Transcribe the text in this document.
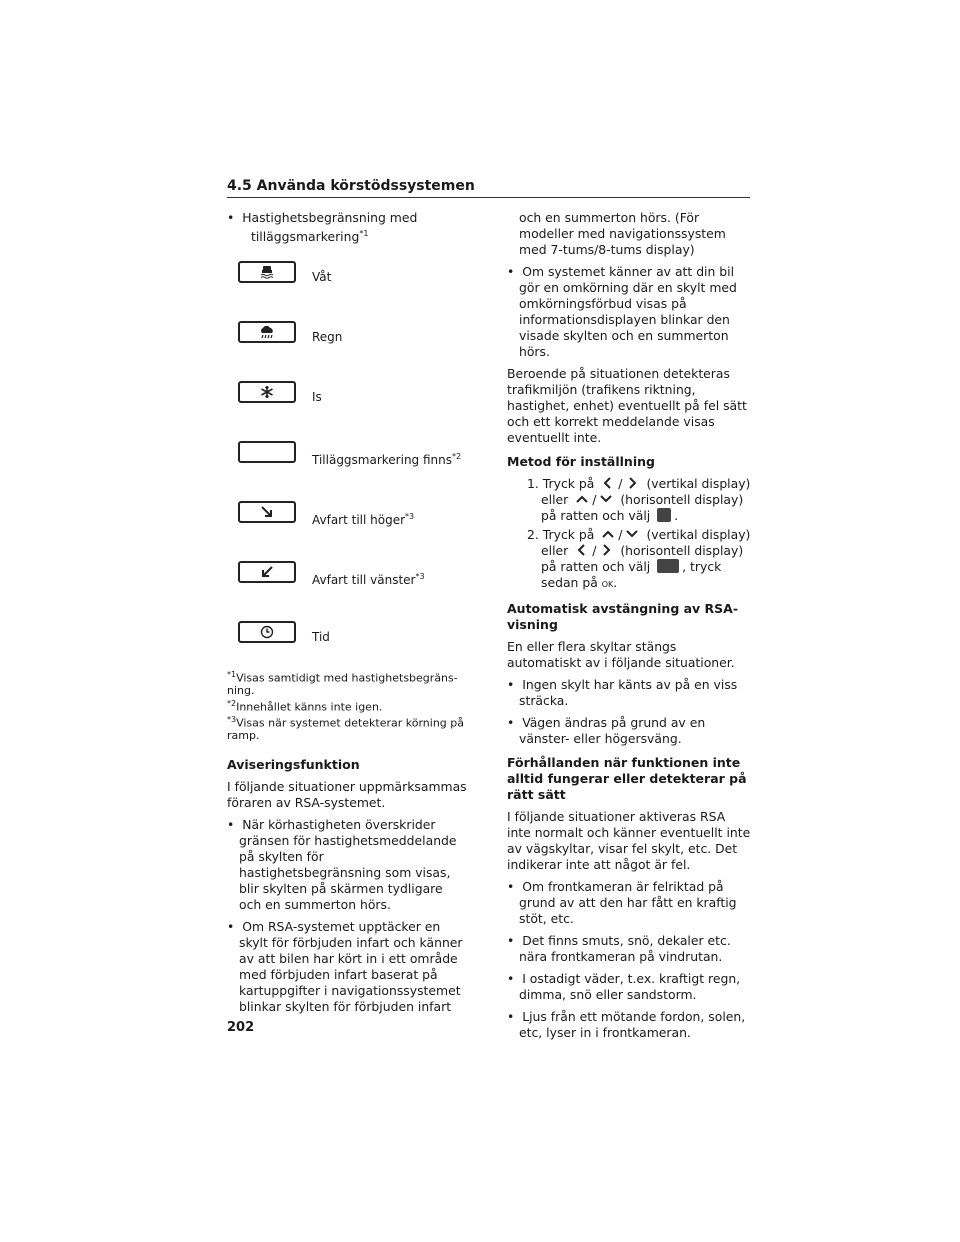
4.5 Använda körstödssystemen

•  Hastighetsbegränsning med
tilläggsmarkering$^{*1}$

Våt
Regn
Is
Tilläggsmarkering finns$^{*2}$
Avfart till höger$^{*3}$
Avfart till vänster$^{*3}$
Tid
$^{*1}$Visas samtidigt med hastighetsbegräns-ning.
$^{*2}$Innehållet känns inte igen.
$^{*3}$Visas när systemet detekterar körning på ramp.
Aviseringsfunktion

I följande situationer uppmärksammas föraren av RSA-systemet.

•  När körhastigheten överskrider gränsen för hastighetsmeddelande på skylten för hastighetsbegränsning som visas, blir skylten på skärmen tydligare och en summerton hörs.

•  Om RSA-systemet upptäcker en skylt för förbjuden infart och känner av att bilen har kört in i ett område med förbjuden infart baserat på kartuppgifter i navigationssystemet blinkar skylten för förbjuden infart

och en summerton hörs. (För modeller med navigationssystem med 7-tums/8-tums display)

•  Om systemet känner av att din bil gör en omkörning där en skylt med omkörningsförbud visas på informationsdisplayen blinkar den visade skylten och en summerton hörs.

Beroende på situationen detekteras trafikmiljön (trafikens riktning, hastighet, enhet) eventuellt på fel sätt och ett korrekt meddelande visas eventuellt inte.

Metod för inställning
1. Tryck på / (vertikal display) eller / (horisontell display) på ratten och välj .
2. Tryck på / (vertikal display) eller / (horisontell display) på ratten och välj	, tryck sedan på OK.
Automatisk avstängning av RSA-visning

En eller flera skyltar stängs automatiskt av i följande situationer.

•  Ingen skylt har känts av på en viss sträcka.

•  Vägen ändras på grund av en vänster- eller högersväng.

Förhållanden när funktionen inte alltid fungerar eller detekterar på rätt sätt

I följande situationer aktiveras RSA inte normalt och känner eventuellt inte av vägskyltar, visar fel skylt, etc. Det indikerar inte att något är fel.

•  Om frontkameran är felriktad på grund av att den har fått en kraftig stöt, etc.

•  Det finns smuts, snö, dekaler etc. nära frontkameran på vindrutan.

•  I ostadigt väder, t.ex. kraftigt regn, dimma, snö eller sandstorm.

•  Ljus från ett mötande fordon, solen, etc, lyser in i frontkameran.

202
